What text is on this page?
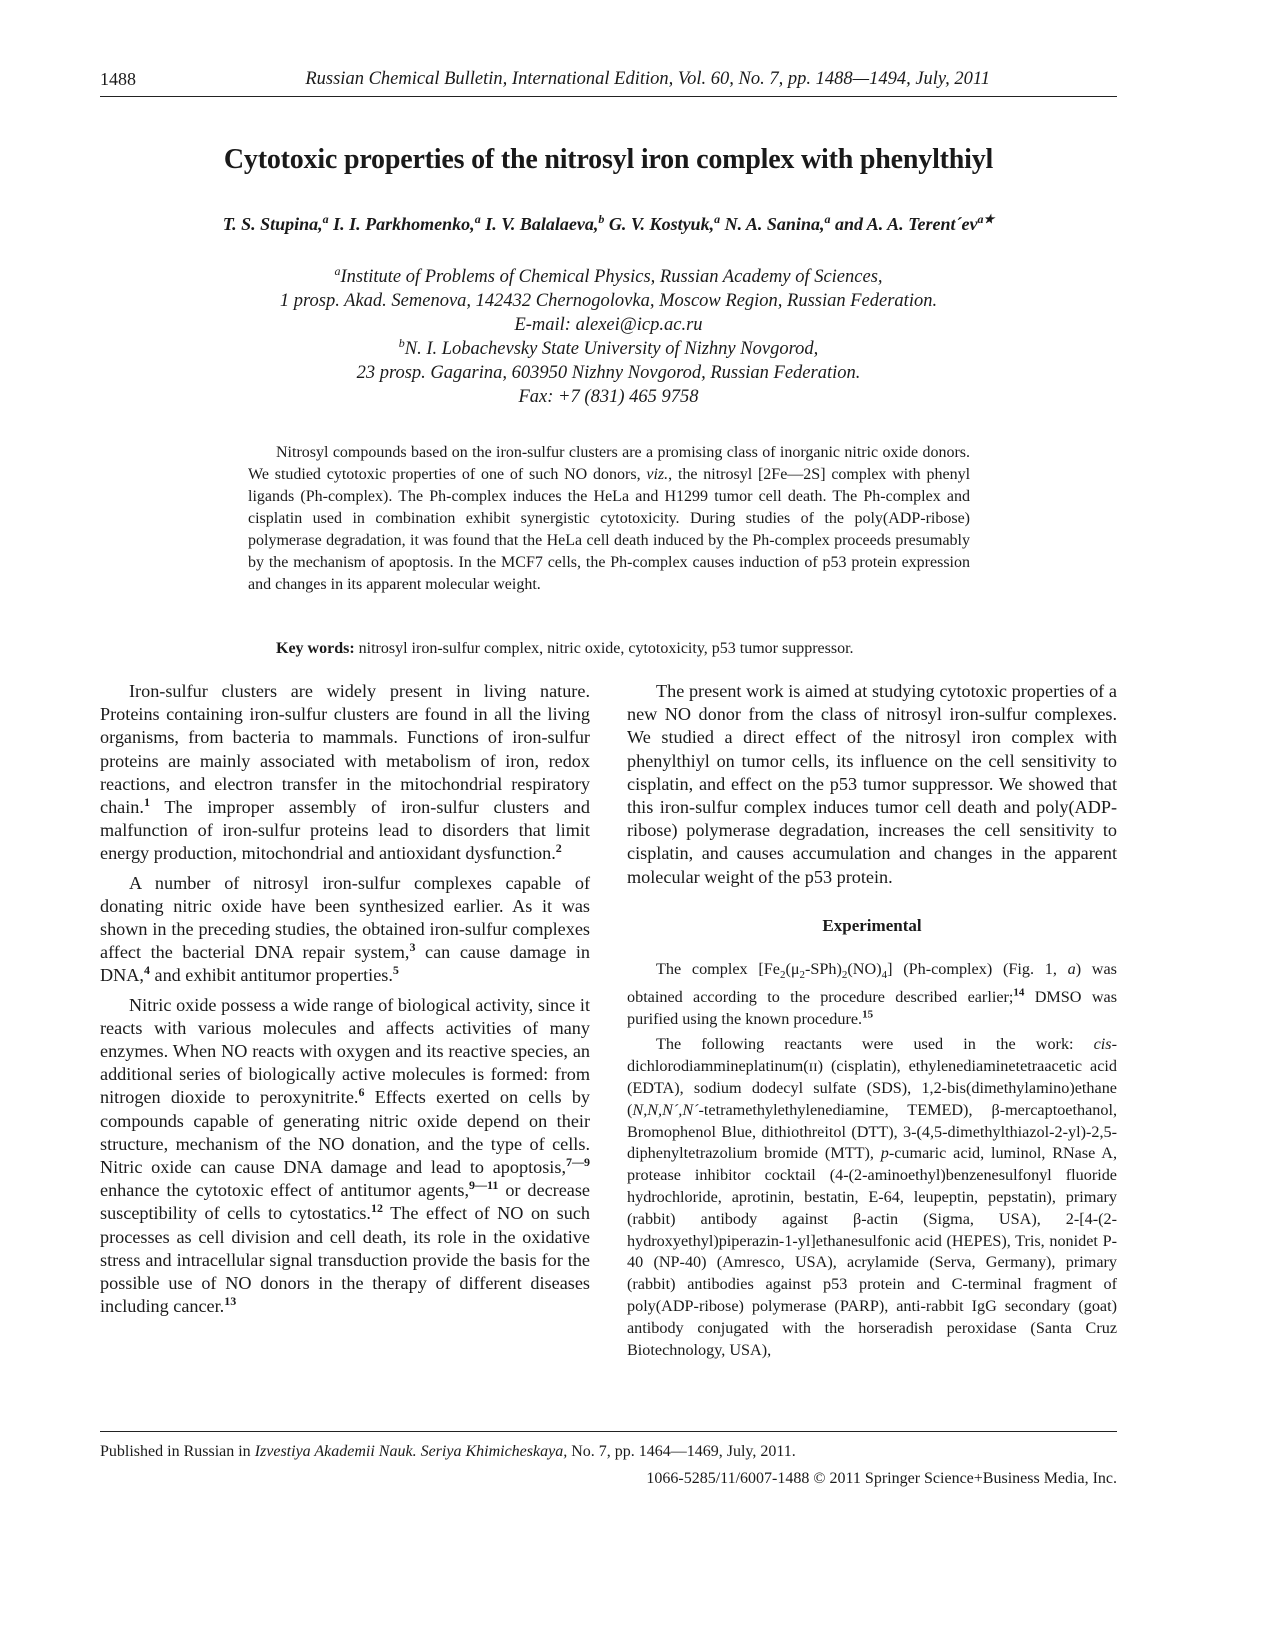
1488	Russian Chemical Bulletin, International Edition, Vol. 60, No. 7, pp. 1488—1494, July, 2011
Cytotoxic properties of the nitrosyl iron complex with phenylthiyl
T. S. Stupina,$^a$ I. I. Parkhomenko,$^a$ I. V. Balalaeva,$^b$ G. V. Kostyuk,$^a$ N. A. Sanina,$^a$ and A. A. $Terent´ev^{a★}$
$^a$Institute of Problems of Chemical Physics, Russian Academy of Sciences,
1 prosp. Akad. Semenova, 142432 Chernogolovka, Moscow Region, Russian Federation.
E-mail: alexei@icp.ac.ru
$^b$N. I. Lobachevsky State University of Nizhny Novgorod,
23 prosp. Gagarina, 603950 Nizhny Novgorod, Russian Federation.
Fax: +7 (831) 465 9758
Nitrosyl compounds based on the iron-sulfur clusters are a promising class of inorganic nitric oxide donors. We studied cytotoxic properties of one of such NO donors, viz., the nitrosyl [2Fe—2S] complex with phenyl ligands (Ph-complex). The Ph-complex induces the HeLa and H1299 tumor cell death. The Ph-complex and cisplatin used in combination exhibit synergistic cytotoxicity. During studies of the poly(ADP-ribose) polymerase degradation, it was found that the HeLa cell death induced by the Ph-complex proceeds presumably by the mechanism of apoptosis. In the MCF7 cells, the Ph-complex causes induction of p53 protein expression and changes in its apparent molecular weight.
Key words: nitrosyl iron-sulfur complex, nitric oxide, cytotoxicity, p53 tumor suppressor.

Iron-sulfur clusters are widely present in living nature. Proteins containing iron-sulfur clusters are found in all the living organisms, from bacteria to mammals. Functions of iron-sulfur proteins are mainly associated with metabolism of iron, redox reactions, and electron transfer in the mitochondrial respiratory chain.$^1$ The improper assembly of iron-sulfur clusters and malfunction of iron-sulfur proteins lead to disorders that limit energy production, mitochondrial and antioxidant dysfunction.$^2$

A number of nitrosyl iron-sulfur complexes capable of donating nitric oxide have been synthesized earlier. As it was shown in the preceding studies, the obtained iron-sulfur complexes affect the bacterial DNA repair system,$^3$ can cause damage in DNA,$^4$ and exhibit antitumor properties.$^5$

Nitric oxide possess a wide range of biological activity, since it reacts with various molecules and affects activities of many enzymes. When NO reacts with oxygen and its reactive species, an additional series of biologically active molecules is formed: from nitrogen dioxide to peroxynitrite.$^6$ Effects exerted on cells by compounds capable of generating nitric oxide depend on their structure, mechanism of the NO donation, and the type of cells. Nitric oxide can cause DNA damage and lead to apoptosis,$^{7—9}$ enhance the cytotoxic effect of antitumor agents,$^{9—11}$ or decrease susceptibility of cells to cytostatics.$^{12}$ The effect of NO on such processes as cell division and cell death, its role in the oxidative stress and intracellular signal transduction provide the basis for the possible use of NO donors in the therapy of different diseases including cancer.$^{13}$

The present work is aimed at studying cytotoxic properties of a new NO donor from the class of nitrosyl iron-sulfur complexes. We studied a direct effect of the nitrosyl iron complex with phenylthiyl on tumor cells, its influence on the cell sensitivity to cisplatin, and effect on the p53 tumor suppressor. We showed that this iron-sulfur complex induces tumor cell death and poly(ADP-ribose) polymerase degradation, increases the cell sensitivity to cisplatin, and causes accumulation and changes in the apparent molecular weight of the p53 protein.

Experimental

The complex $[Fe_2(\mu_2-SPh)_2(NO)_4]$ (Ph-complex) (Fig. 1, a) was obtained according to the procedure described earlier;$^{14}$ DMSO was purified using the known procedure.$^{15}$

The following reactants were used in the work: cis-dichlorodiammineplatinum(ɪɪ) (cisplatin), ethylenediaminetetraacetic acid (EDTA), sodium dodecyl sulfate (SDS), 1,2-bis(dimethylamino)ethane (N,N,N´,N´-tetramethylethylenediamine, TEMED), β-mercaptoethanol, Bromophenol Blue, dithiothreitol (DTT), 3-(4,5-dimethylthiazol-2-yl)-2,5-diphenyltetrazolium bromide (MTT), p-cumaric acid, luminol, RNase A, protease inhibitor cocktail (4-(2-aminoethyl)benzenesulfonyl fluoride hydrochloride, aprotinin, bestatin, E-64, leupeptin, pepstatin), primary (rabbit) antibody against β-actin (Sigma, USA), 2-[4-(2-hydroxyethyl)piperazin-1-yl]ethanesulfonic acid (HEPES), Tris, nonidet P-40 (NP-40) (Amresco, USA), acrylamide (Serva, Germany), primary (rabbit) antibodies against p53 protein and C-terminal fragment of poly(ADP-ribose) polymerase (PARP), anti-rabbit IgG secondary (goat) antibody conjugated with the horseradish peroxidase (Santa Cruz Biotechnology, USA),

Published in Russian in Izvestiya Akademii Nauk. Seriya Khimicheskaya, No. 7, pp. 1464—1469, July, 2011.
1066-5285/11/6007-1488 © 2011 Springer Science+Business Media, Inc.
